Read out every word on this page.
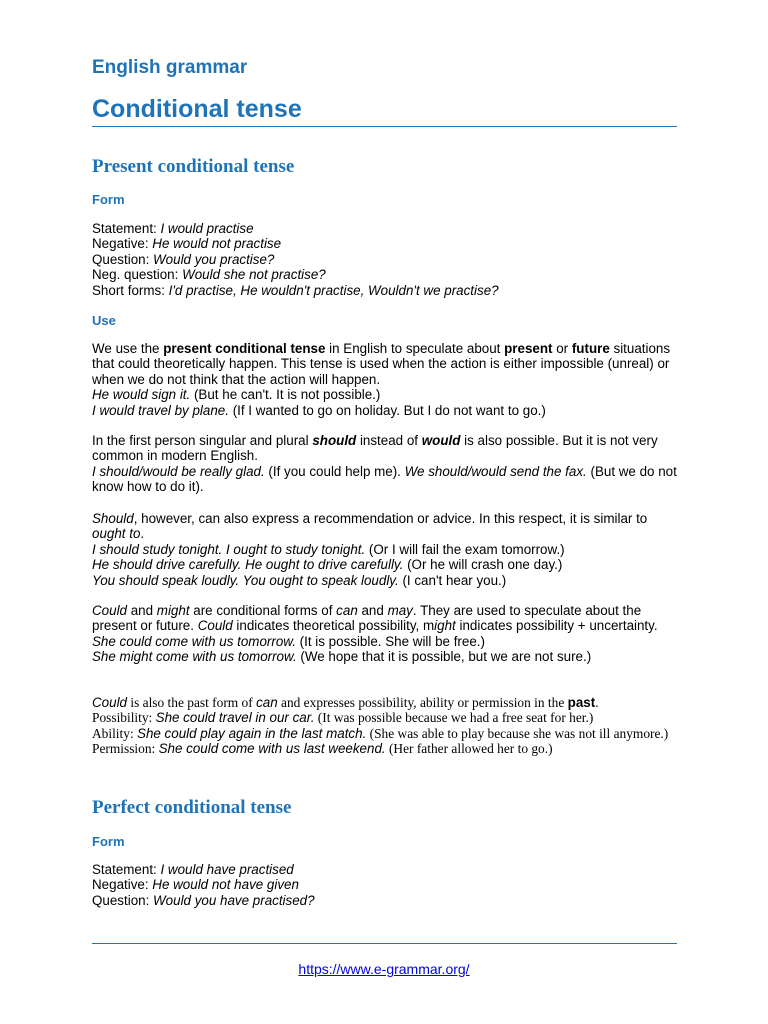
English grammar
Conditional tense
Present conditional tense
Form
Statement: I would practise
Negative: He would not practise
Question: Would you practise?
Neg. question: Would she not practise?
Short forms: I'd practise, He wouldn't practise, Wouldn't we practise?
Use
We use the present conditional tense in English to speculate about present or future situations that could theoretically happen. This tense is used when the action is either impossible (unreal) or when we do not think that the action will happen.
He would sign it. (But he can't. It is not possible.)
I would travel by plane. (If I wanted to go on holiday. But I do not want to go.)
In the first person singular and plural should instead of would is also possible. But it is not very common in modern English.
I should/would be really glad. (If you could help me). We should/would send the fax. (But we do not know how to do it).
Should, however, can also express a recommendation or advice. In this respect, it is similar to ought to.
I should study tonight. I ought to study tonight. (Or I will fail the exam tomorrow.)
He should drive carefully. He ought to drive carefully. (Or he will crash one day.)
You should speak loudly. You ought to speak loudly. (I can't hear you.)
Could and might are conditional forms of can and may. They are used to speculate about the present or future. Could indicates theoretical possibility, might indicates possibility + uncertainty.
She could come with us tomorrow. (It is possible. She will be free.)
She might come with us tomorrow. (We hope that it is possible, but we are not sure.)
Could is also the past form of can and expresses possibility, ability or permission in the past.
Possibility: She could travel in our car. (It was possible because we had a free seat for her.)
Ability: She could play again in the last match. (She was able to play because she was not ill anymore.)
Permission: She could come with us last weekend. (Her father allowed her to go.)
Perfect conditional tense
Form
Statement: I would have practised
Negative: He would not have given
Question: Would you have practised?
https://www.e-grammar.org/
